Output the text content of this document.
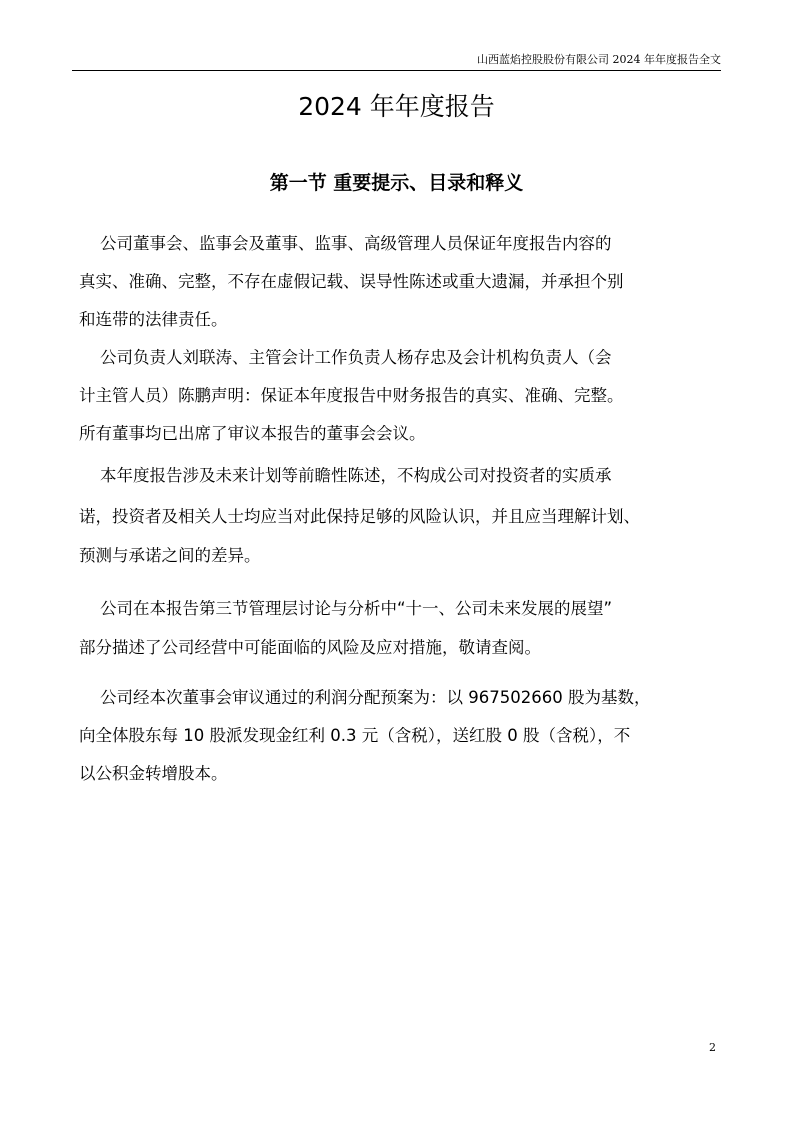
山西蓝焰控股股份有限公司 2024 年年度报告全文
2024 年年度报告
第一节 重要提示、目录和释义
公司董事会、监事会及董事、监事、高级管理人员保证年度报告内容的
真实、准确、完整，不存在虚假记载、误导性陈述或重大遗漏，并承担个别
和连带的法律责任。
公司负责人刘联涛、主管会计工作负责人杨存忠及会计机构负责人（会
计主管人员）陈鹏声明：保证本年度报告中财务报告的真实、准确、完整。
所有董事均已出席了审议本报告的董事会会议。
本年度报告涉及未来计划等前瞻性陈述，不构成公司对投资者的实质承
诺，投资者及相关人士均应当对此保持足够的风险认识，并且应当理解计划、
预测与承诺之间的差异。
公司在本报告第三节管理层讨论与分析中“十一、公司未来发展的展望”
部分描述了公司经营中可能面临的风险及应对措施，敬请查阅。
公司经本次董事会审议通过的利润分配预案为：以 967502660 股为基数，
向全体股东每 10 股派发现金红利 0.3 元（含税），送红股 0 股（含税），不
以公积金转增股本。
2
